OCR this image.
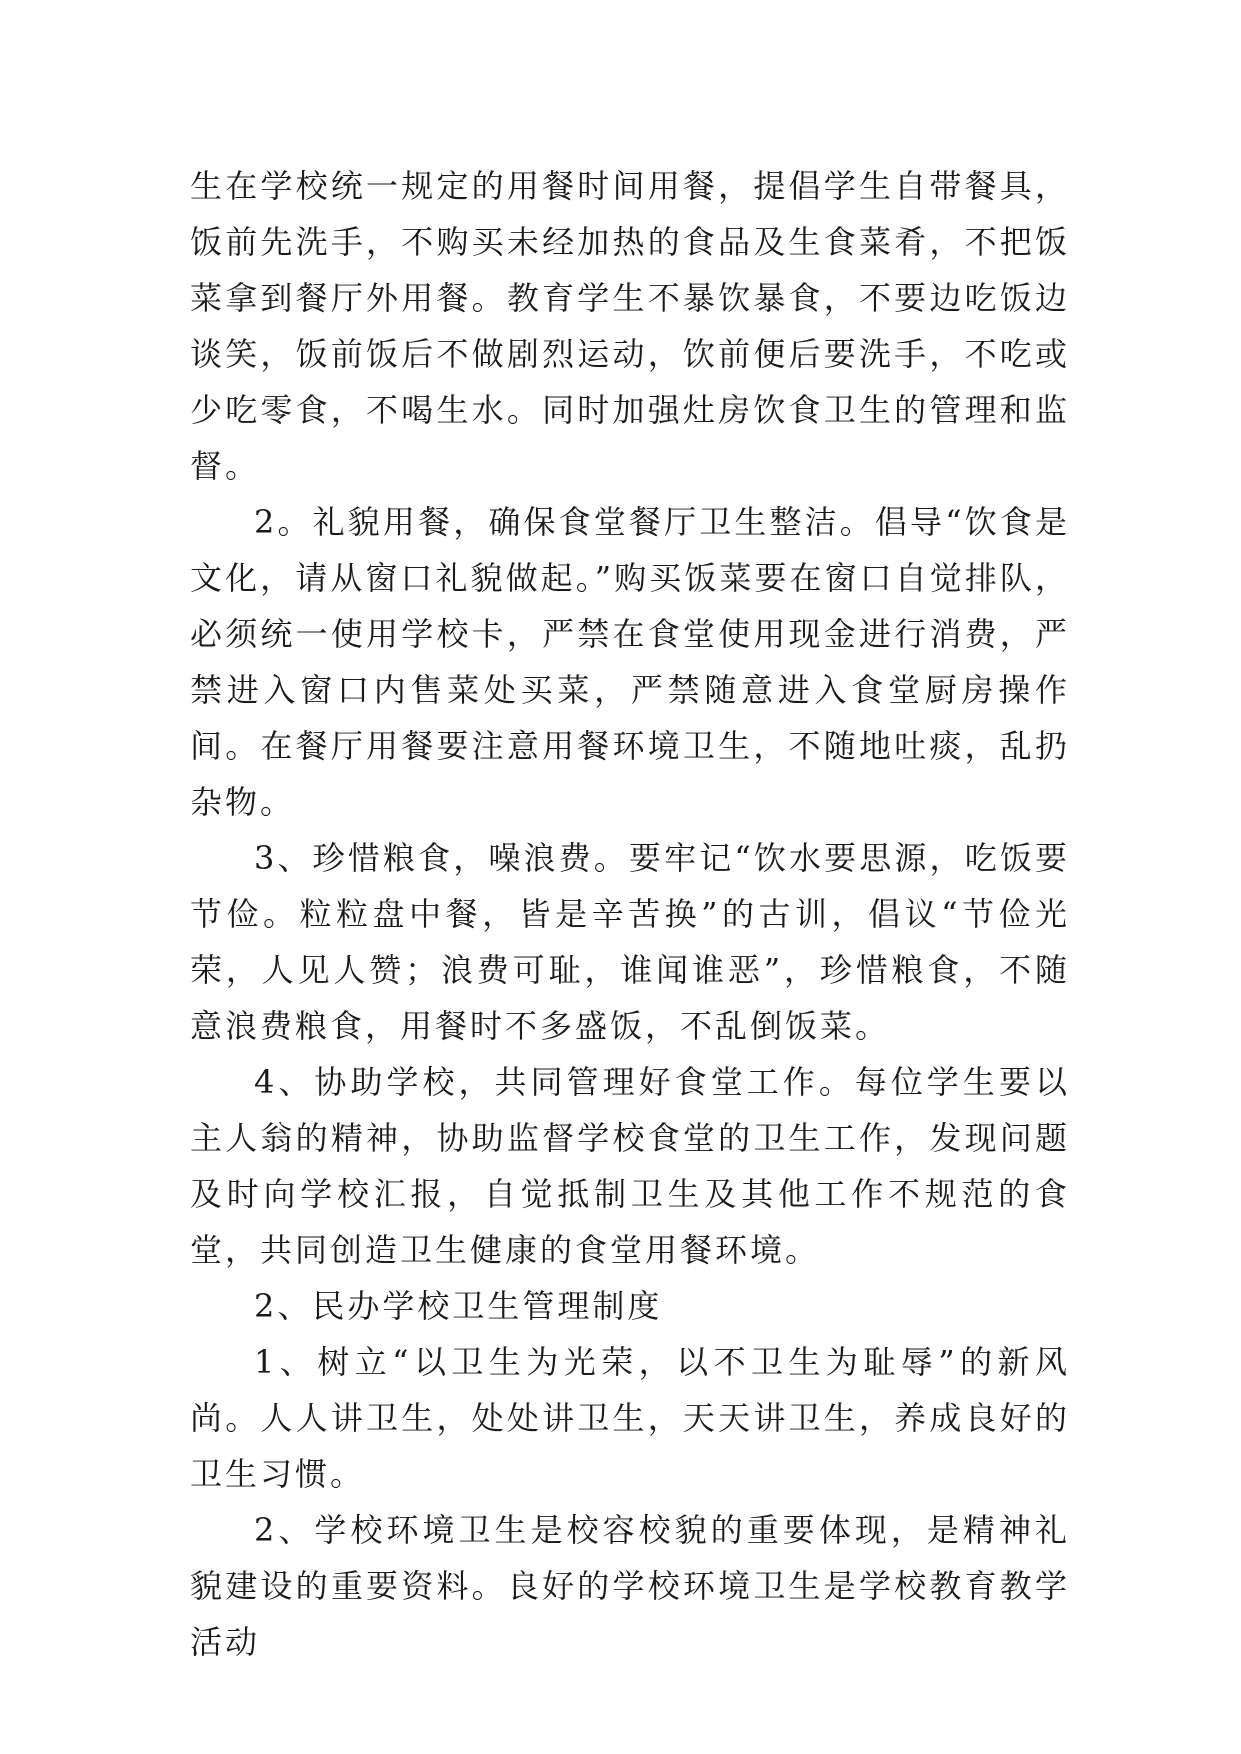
生在学校统一规定的用餐时间用餐，提倡学生自带餐具，饭前先洗手，不购买未经加热的食品及生食菜肴，不把饭菜拿到餐厅外用餐。教育学生不暴饮暴食，不要边吃饭边谈笑，饭前饭后不做剧烈运动，饮前便后要洗手，不吃或少吃零食，不喝生水。同时加强灶房饮食卫生的管理和监督。

2。礼貌用餐，确保食堂餐厅卫生整洁。倡导“饮食是文化，请从窗口礼貌做起。”购买饭菜要在窗口自觉排队，必须统一使用学校卡，严禁在食堂使用现金进行消费，严禁进入窗口内售菜处买菜，严禁随意进入食堂厨房操作间。在餐厅用餐要注意用餐环境卫生，不随地吐痰，乱扔杂物。

3、珍惜粮食，噪浪费。要牢记“饮水要思源，吃饭要节俭。粒粒盘中餐，皆是辛苦换”的古训，倡议“节俭光荣，人见人赞；浪费可耻，谁闻谁恶”，珍惜粮食，不随意浪费粮食，用餐时不多盛饭，不乱倒饭菜。

4、协助学校，共同管理好食堂工作。每位学生要以主人翁的精神，协助监督学校食堂的卫生工作，发现问题及时向学校汇报，自觉抵制卫生及其他工作不规范的食堂，共同创造卫生健康的食堂用餐环境。

2、民办学校卫生管理制度

1、树立“以卫生为光荣，以不卫生为耻辱”的新风尚。人人讲卫生，处处讲卫生，天天讲卫生，养成良好的卫生习惯。

2、学校环境卫生是校容校貌的重要体现，是精神礼貌建设的重要资料。良好的学校环境卫生是学校教育教学活动
